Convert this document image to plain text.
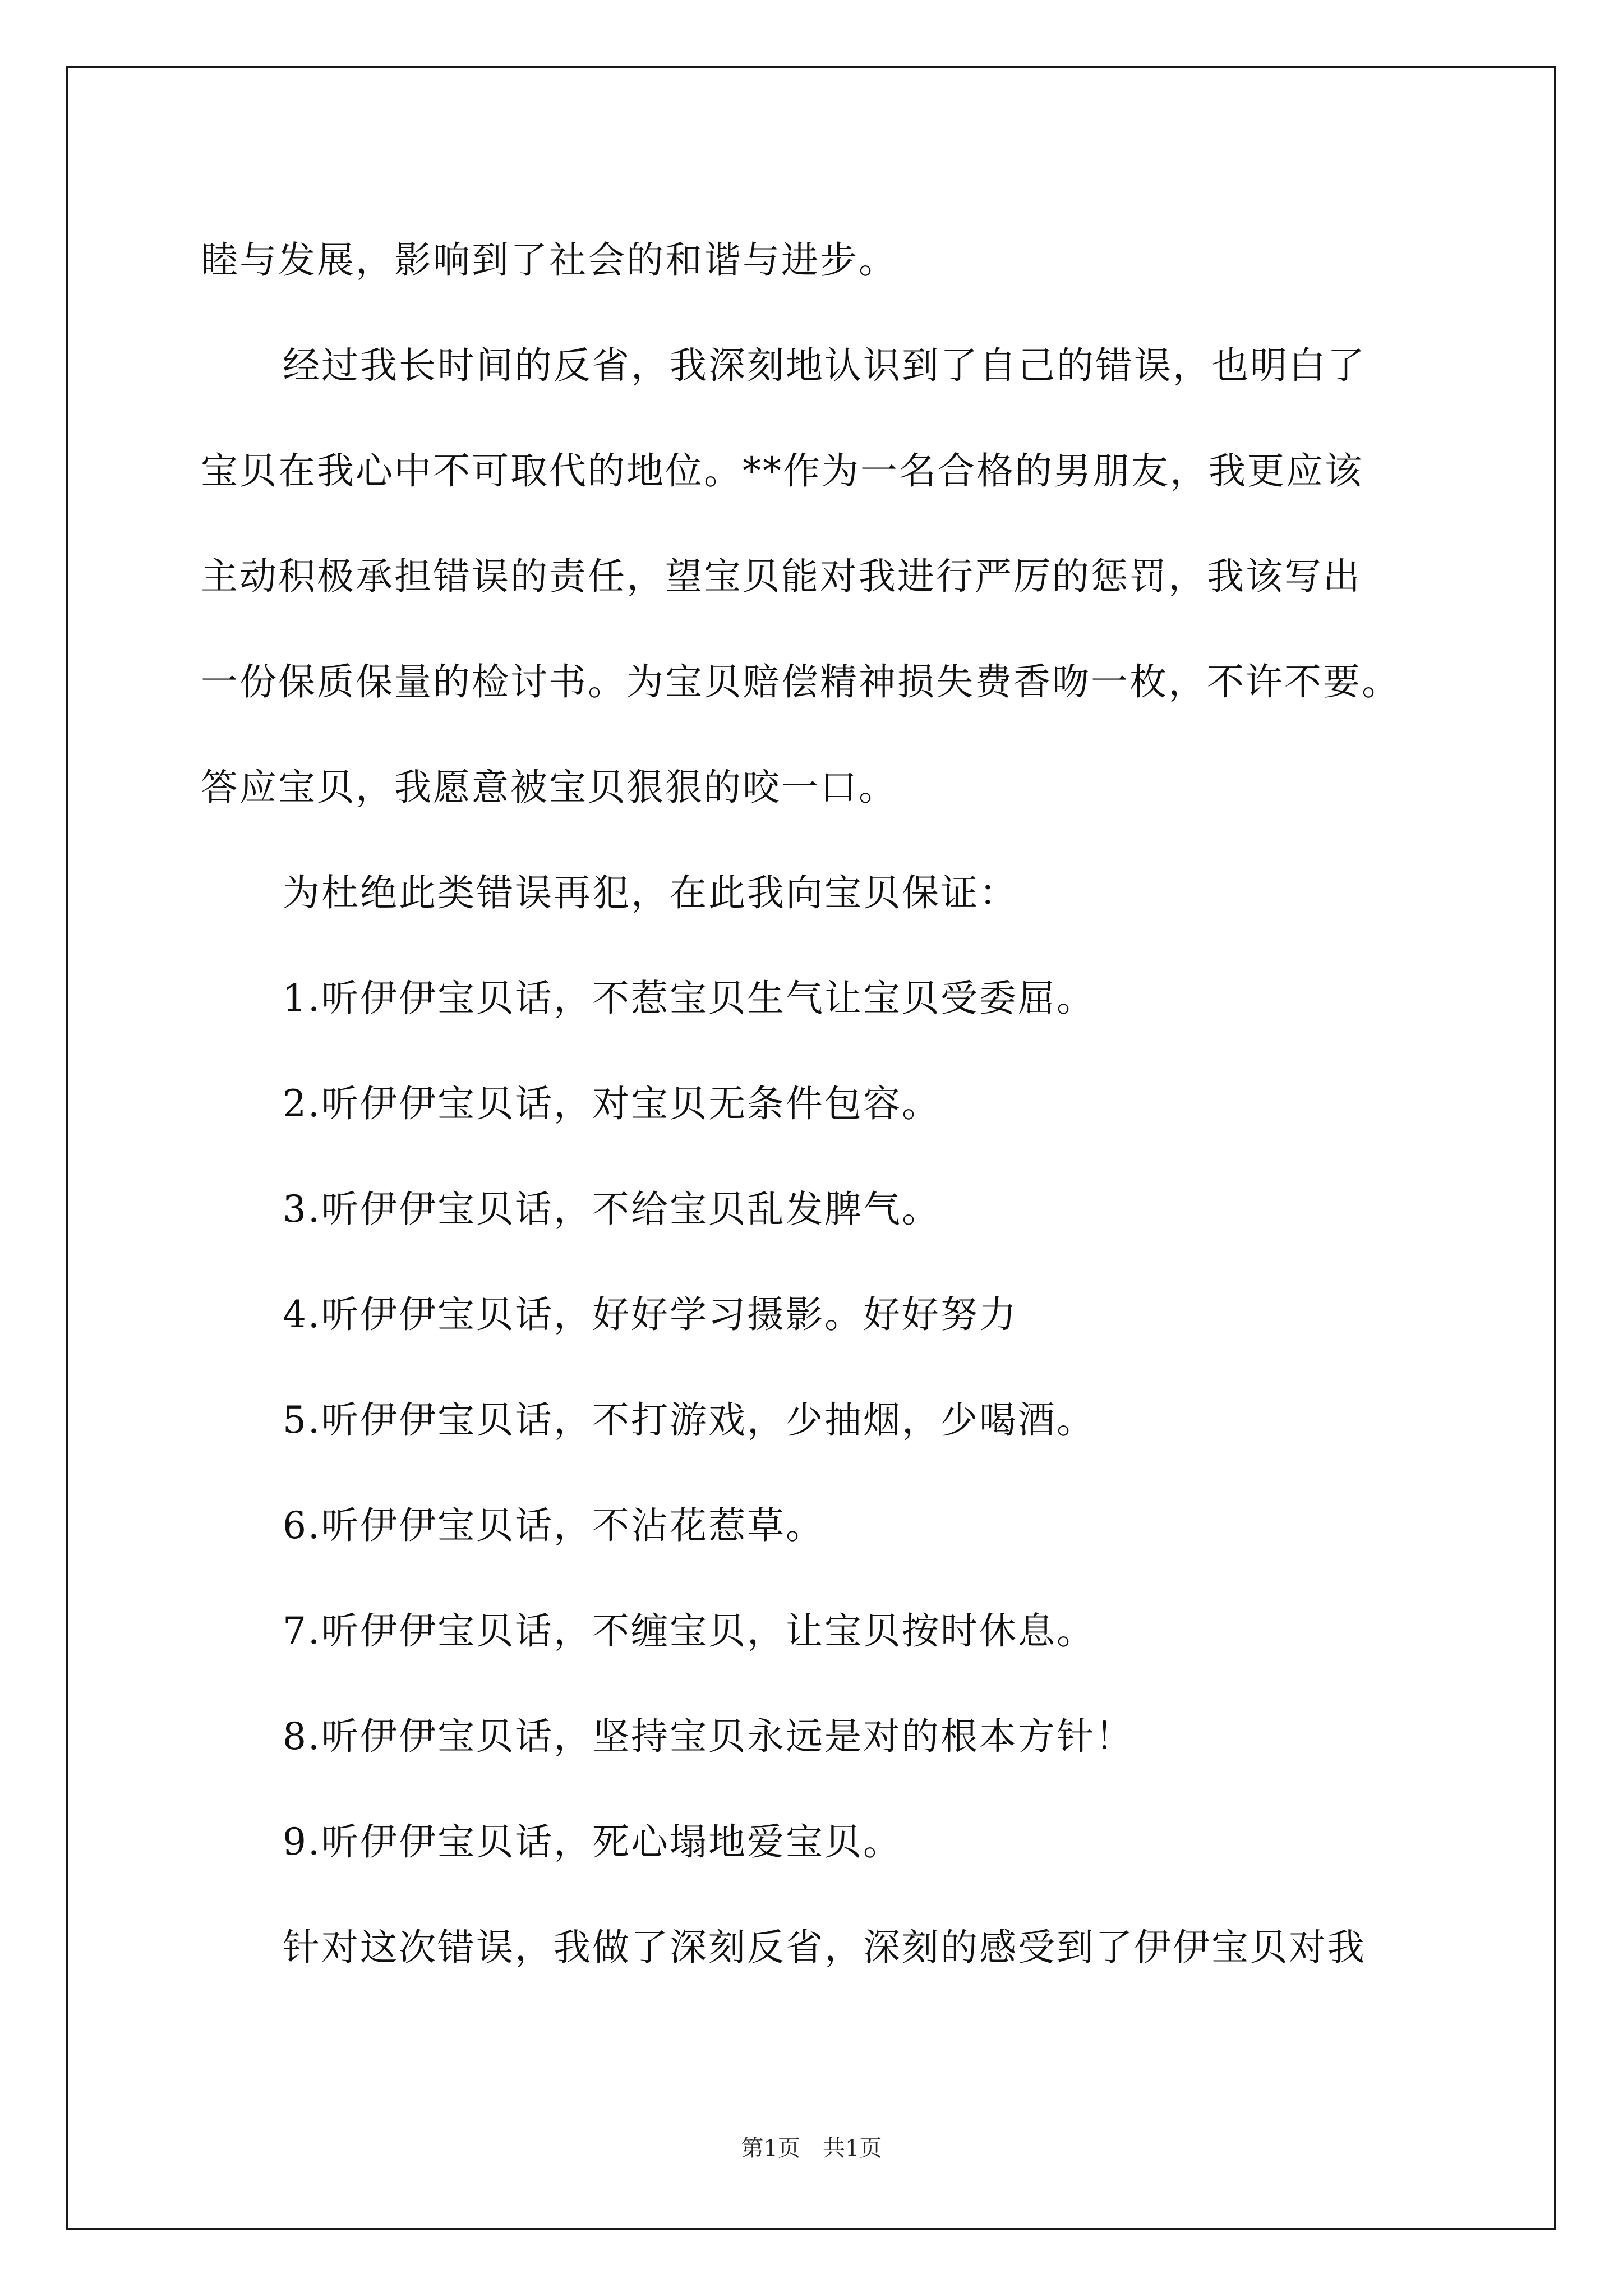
睦与发展，影响到了社会的和谐与进步。

经过我长时间的反省，我深刻地认识到了自己的错误，也明白了

宝贝在我心中不可取代的地位。**作为一名合格的男朋友，我更应该

主动积极承担错误的责任，望宝贝能对我进行严厉的惩罚，我该写出

一份保质保量的检讨书。为宝贝赔偿精神损失费香吻一枚，不许不要。

答应宝贝，我愿意被宝贝狠狠的咬一口。

为杜绝此类错误再犯，在此我向宝贝保证：

1.听伊伊宝贝话，不惹宝贝生气让宝贝受委屈。

2.听伊伊宝贝话，对宝贝无条件包容。

3.听伊伊宝贝话，不给宝贝乱发脾气。

4.听伊伊宝贝话，好好学习摄影。好好努力

5.听伊伊宝贝话，不打游戏，少抽烟，少喝酒。

6.听伊伊宝贝话，不沾花惹草。

7.听伊伊宝贝话，不缠宝贝，让宝贝按时休息。

8.听伊伊宝贝话，坚持宝贝永远是对的根本方针！

9.听伊伊宝贝话，死心塌地爱宝贝。

针对这次错误，我做了深刻反省，深刻的感受到了伊伊宝贝对我

第1页　共1页
